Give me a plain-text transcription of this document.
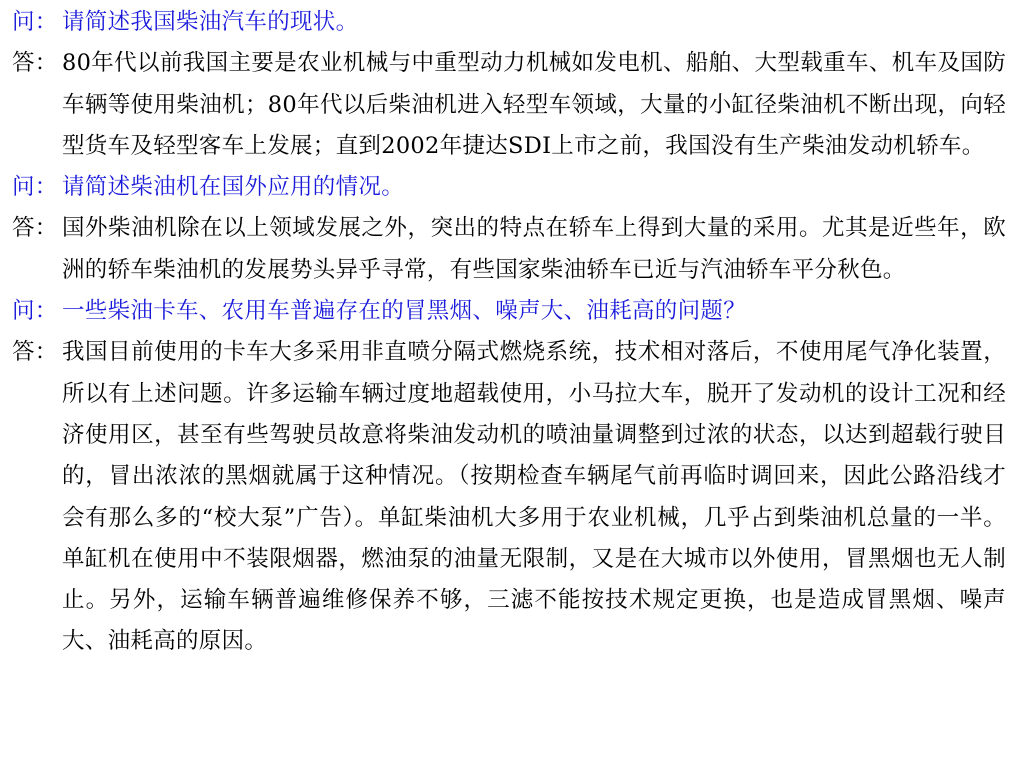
问： 请简述我国柴油汽车的现状。
答： 80年代以前我国主要是农业机械与中重型动力机械如发电机、船舶、大型载重车、机车及国防车辆等使用柴油机；80年代以后柴油机进入轻型车领域，大量的小缸径柴油机不断出现，向轻型货车及轻型客车上发展；直到2002年捷达SDI上市之前，我国没有生产柴油发动机轿车。
问： 请简述柴油机在国外应用的情况。
答： 国外柴油机除在以上领域发展之外，突出的特点在轿车上得到大量的采用。尤其是近些年，欧洲的轿车柴油机的发展势头异乎寻常，有些国家柴油轿车已近与汽油轿车平分秋色。
问： 一些柴油卡车、农用车普遍存在的冒黑烟、噪声大、油耗高的问题？
答： 我国目前使用的卡车大多采用非直喷分隔式燃烧系统，技术相对落后，不使用尾气净化装置，所以有上述问题。许多运输车辆过度地超载使用，小马拉大车，脱开了发动机的设计工况和经济使用区，甚至有些驾驶员故意将柴油发动机的喷油量调整到过浓的状态，以达到超载行驶目的，冒出浓浓的黑烟就属于这种情况。（按期检查车辆尾气前再临时调回来，因此公路沿线才会有那么多的“校大泵”广告）。单缸柴油机大多用于农业机械，几乎占到柴油机总量的一半。单缸机在使用中不装限烟器，燃油泵的油量无限制，又是在大城市以外使用，冒黑烟也无人制止。另外，运输车辆普遍维修保养不够，三滤不能按技术规定更换，也是造成冒黑烟、噪声大、油耗高的原因。
